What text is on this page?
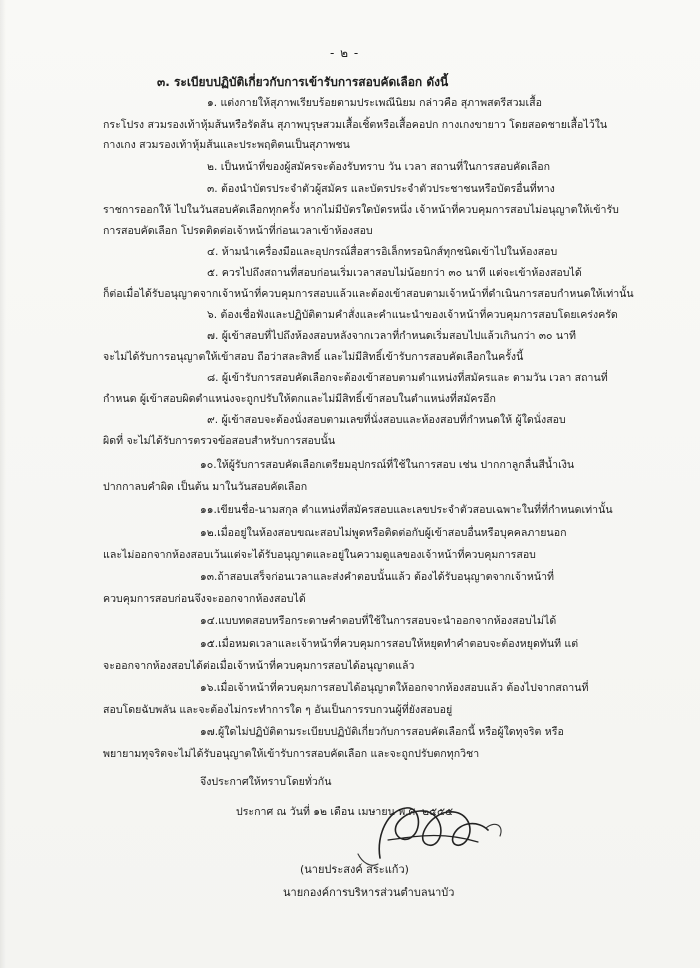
- ๒ -
๓. ระเบียบปฏิบัติเกี่ยวกับการเข้ารับการสอบคัดเลือก ดังนี้
๑. แต่งกายให้สุภาพเรียบร้อยตามประเพณีนิยม กล่าวคือ สุภาพสตรีสวมเสื้อ
กระโปรง สวมรองเท้าหุ้มส้นหรือรัดส้น สุภาพบุรุษสวมเสื้อเชิ้ตหรือเสื้อคอปก กางเกงขายาว โดยสอดชายเสื้อไว้ใน
กางเกง สวมรองเท้าหุ้มส้นและประพฤติตนเป็นสุภาพชน
๒. เป็นหน้าที่ของผู้สมัครจะต้องรับทราบ วัน เวลา สถานที่ในการสอบคัดเลือก
๓. ต้องนำบัตรประจำตัวผู้สมัคร และบัตรประจำตัวประชาชนหรือบัตรอื่นที่ทาง
ราชการออกให้ ไปในวันสอบคัดเลือกทุกครั้ง หากไม่มีบัตรใดบัตรหนึ่ง เจ้าหน้าที่ควบคุมการสอบไม่อนุญาตให้เข้ารับ
การสอบคัดเลือก โปรดติดต่อเจ้าหน้าที่ก่อนเวลาเข้าห้องสอบ
๔. ห้ามนำเครื่องมือและอุปกรณ์สื่อสารอิเล็กทรอนิกส์ทุกชนิดเข้าไปในห้องสอบ
๕. ควรไปถึงสถานที่สอบก่อนเริ่มเวลาสอบไม่น้อยกว่า ๓๐ นาที แต่จะเข้าห้องสอบได้
ก็ต่อเมื่อได้รับอนุญาตจากเจ้าหน้าที่ควบคุมการสอบแล้วและต้องเข้าสอบตามเจ้าหน้าที่ดำเนินการสอบกำหนดให้เท่านั้น
๖. ต้องเชื่อฟังและปฏิบัติตามคำสั่งและคำแนะนำของเจ้าหน้าที่ควบคุมการสอบโดยเคร่งครัด
๗. ผู้เข้าสอบที่ไปถึงห้องสอบหลังจากเวลาที่กำหนดเริ่มสอบไปแล้วเกินกว่า ๓๐ นาที
จะไม่ได้รับการอนุญาตให้เข้าสอบ ถือว่าสละสิทธิ์ และไม่มีสิทธิ์เข้ารับการสอบคัดเลือกในครั้งนี้
๘. ผู้เข้ารับการสอบคัดเลือกจะต้องเข้าสอบตามตำแหน่งที่สมัครและ ตามวัน เวลา สถานที่
กำหนด ผู้เข้าสอบผิดตำแหน่งจะถูกปรับให้ตกและไม่มีสิทธิ์เข้าสอบในตำแหน่งที่สมัครอีก
๙. ผู้เข้าสอบจะต้องนั่งสอบตามเลขที่นั่งสอบและห้องสอบที่กำหนดให้ ผู้ใดนั่งสอบ
ผิดที่ จะไม่ได้รับการตรวจข้อสอบสำหรับการสอบนั้น
๑๐.ให้ผู้รับการสอบคัดเลือกเตรียมอุปกรณ์ที่ใช้ในการสอบ เช่น ปากกาลูกลื่นสีน้ำเงิน
ปากกาลบคำผิด เป็นต้น มาในวันสอบคัดเลือก
๑๑.เขียนชื่อ-นามสกุล ตำแหน่งที่สมัครสอบและเลขประจำตัวสอบเฉพาะในที่ที่กำหนดเท่านั้น
๑๒.เมื่ออยู่ในห้องสอบขณะสอบไม่พูดหรือติดต่อกับผู้เข้าสอบอื่นหรือบุคคลภายนอก
และไม่ออกจากห้องสอบเว้นแต่จะได้รับอนุญาตและอยู่ในความดูแลของเจ้าหน้าที่ควบคุมการสอบ
๑๓.ถ้าสอบเสร็จก่อนเวลาและส่งคำตอบนั้นแล้ว ต้องได้รับอนุญาตจากเจ้าหน้าที่
ควบคุมการสอบก่อนจึงจะออกจากห้องสอบได้
๑๔.แบบทดสอบหรือกระดาษคำตอบที่ใช้ในการสอบจะนำออกจากห้องสอบไม่ได้
๑๕.เมื่อหมดเวลาและเจ้าหน้าที่ควบคุมการสอบให้หยุดทำคำตอบจะต้องหยุดทันที แต่
จะออกจากห้องสอบได้ต่อเมื่อเจ้าหน้าที่ควบคุมการสอบได้อนุญาตแล้ว
๑๖.เมื่อเจ้าหน้าที่ควบคุมการสอบได้อนุญาตให้ออกจากห้องสอบแล้ว ต้องไปจากสถานที่
สอบโดยฉับพลัน และจะต้องไม่กระทำการใด ๆ อันเป็นการรบกวนผู้ที่ยังสอบอยู่
๑๗.ผู้ใดไม่ปฏิบัติตามระเบียบปฏิบัติเกี่ยวกับการสอบคัดเลือกนี้ หรือผู้ใดทุจริต หรือ
พยายามทุจริตจะไม่ได้รับอนุญาตให้เข้ารับการสอบคัดเลือก และจะถูกปรับตกทุกวิชา
จึงประกาศให้ทราบโดยทั่วกัน
ประกาศ ณ วันที่ ๑๒ เดือน เมษายน พ.ศ. ๒๕๕๕
(นายประสงค์ สระแก้ว)
นายกองค์การบริหารส่วนตำบลนาบัว
